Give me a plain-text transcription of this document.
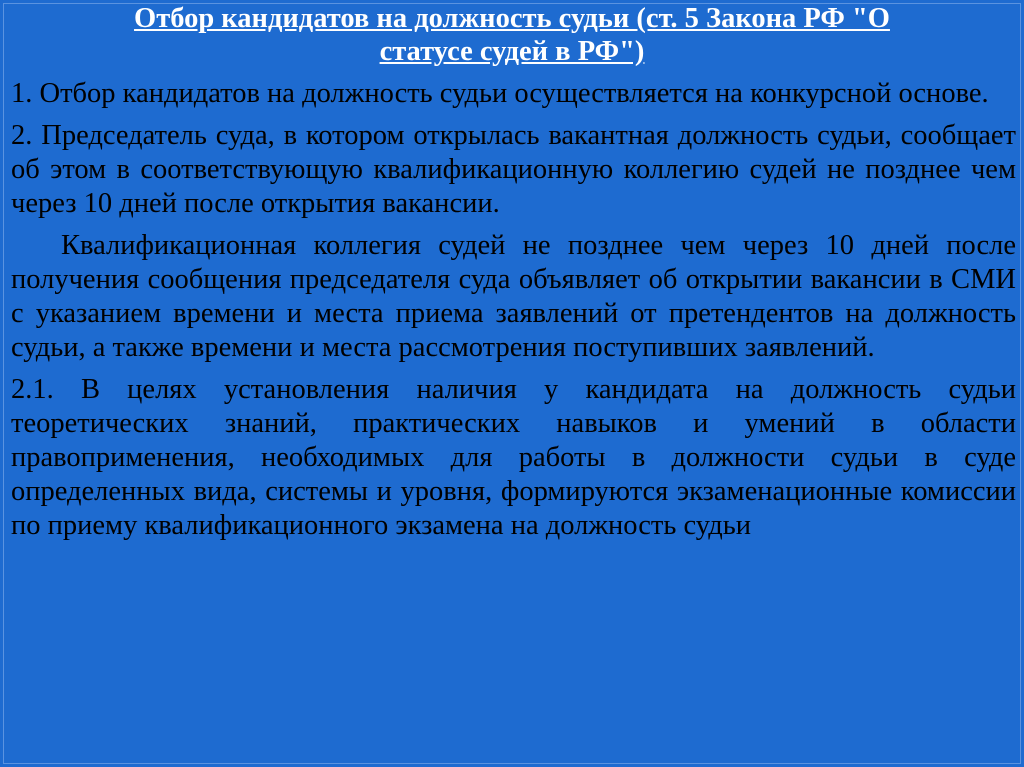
Отбор кандидатов на должность судьи (ст. 5 Закона РФ "О
статусе судей в РФ")

1. Отбор кандидатов на должность судьи осуществляется на конкурсной основе.

2. Председатель суда, в котором открылась вакантная должность судьи, сообщает об этом в соответствующую квалификационную коллегию судей не позднее чем через 10 дней после открытия вакансии.

Квалификационная коллегия судей не позднее чем через 10 дней после получения сообщения председателя суда объявляет об открытии вакансии в СМИ с указанием времени и места приема заявлений от претендентов на должность судьи, а также времени и места рассмотрения поступивших заявлений.

2.1. В целях установления наличия у кандидата на должность судьи теоретических знаний, практических навыков и умений в области правоприменения, необходимых для работы в должности судьи в суде определенных вида, системы и уровня, формируются экзаменационные комиссии по приему квалификационного экзамена на должность судьи
